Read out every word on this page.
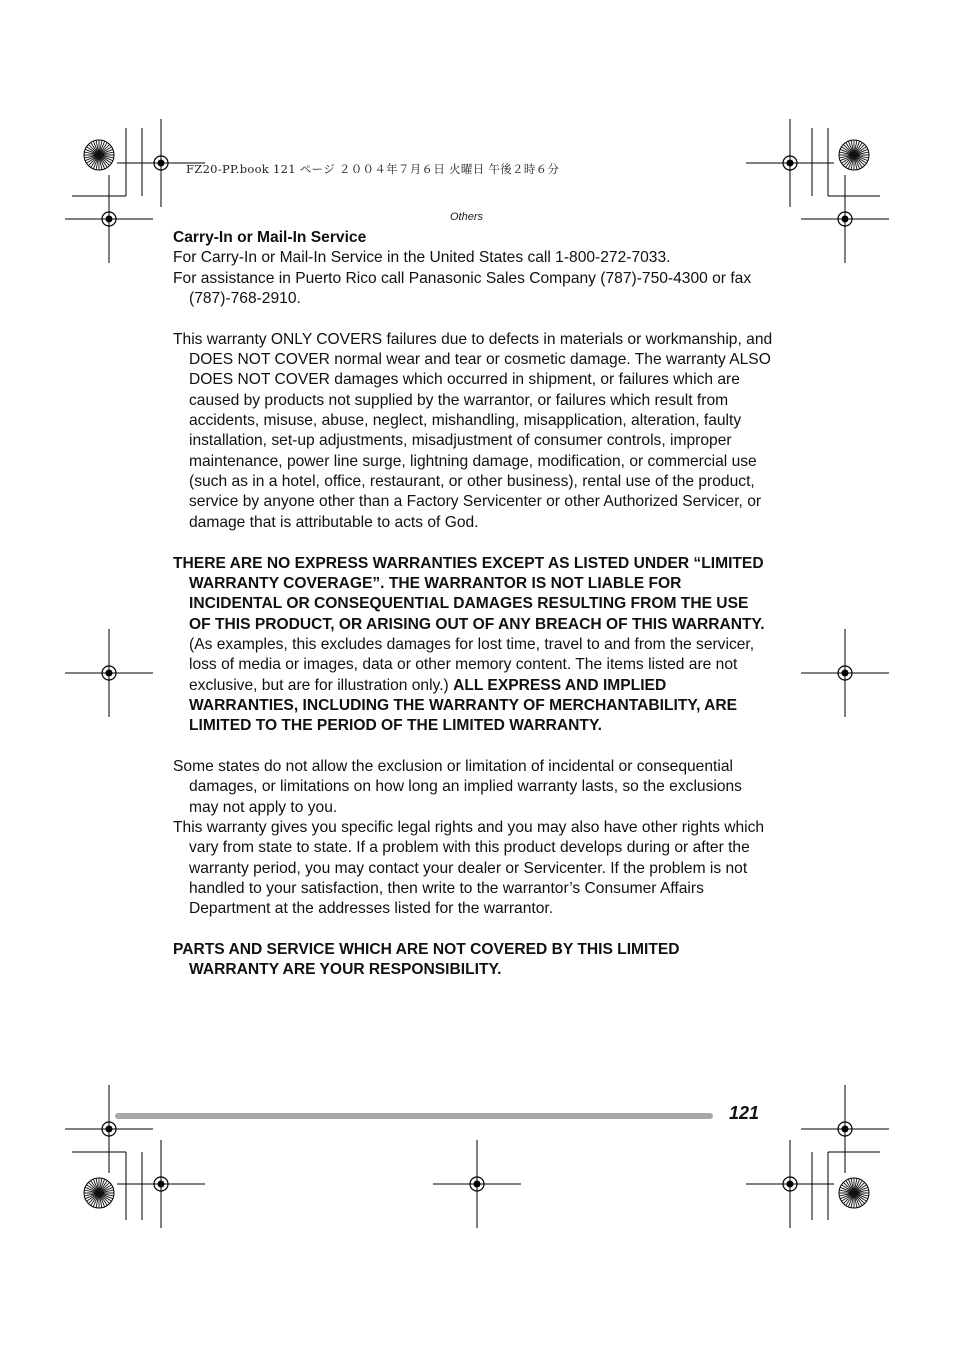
FZ20-PP.book 121 ページ ２００４年７月６日 火曜日 午後２時６分
Others
Carry-In or Mail-In Service

For Carry-In or Mail-In Service in the United States call 1-800-272-7033.

For assistance in Puerto Rico call Panasonic Sales Company (787)-750-4300 or fax (787)-768-2910.

This warranty ONLY COVERS failures due to defects in materials or workmanship, and DOES NOT COVER normal wear and tear or cosmetic damage. The warranty ALSO DOES NOT COVER damages which occurred in shipment, or failures which are caused by products not supplied by the warrantor, or failures which result from accidents, misuse, abuse, neglect, mishandling, misapplication, alteration, faulty installation, set-up adjustments, misadjustment of consumer controls, improper maintenance, power line surge, lightning damage, modification, or commercial use (such as in a hotel, office, restaurant, or other business), rental use of the product, service by anyone other than a Factory Servicenter or other Authorized Servicer, or damage that is attributable to acts of God.

THERE ARE NO EXPRESS WARRANTIES EXCEPT AS LISTED UNDER “LIMITED WARRANTY COVERAGE”. THE WARRANTOR IS NOT LIABLE FOR INCIDENTAL OR CONSEQUENTIAL DAMAGES RESULTING FROM THE USE OF THIS PRODUCT, OR ARISING OUT OF ANY BREACH OF THIS WARRANTY. (As examples, this excludes damages for lost time, travel to and from the servicer, loss of media or images, data or other memory content. The items listed are not exclusive, but are for illustration only.) ALL EXPRESS AND IMPLIED WARRANTIES, INCLUDING THE WARRANTY OF MERCHANTABILITY, ARE LIMITED TO THE PERIOD OF THE LIMITED WARRANTY.

Some states do not allow the exclusion or limitation of incidental or consequential damages, or limitations on how long an implied warranty lasts, so the exclusions may not apply to you.

This warranty gives you specific legal rights and you may also have other rights which vary from state to state. If a problem with this product develops during or after the warranty period, you may contact your dealer or Servicenter. If the problem is not handled to your satisfaction, then write to the warrantor’s Consumer Affairs Department at the addresses listed for the warrantor.

PARTS AND SERVICE WHICH ARE NOT COVERED BY THIS LIMITED WARRANTY ARE YOUR RESPONSIBILITY.

121
